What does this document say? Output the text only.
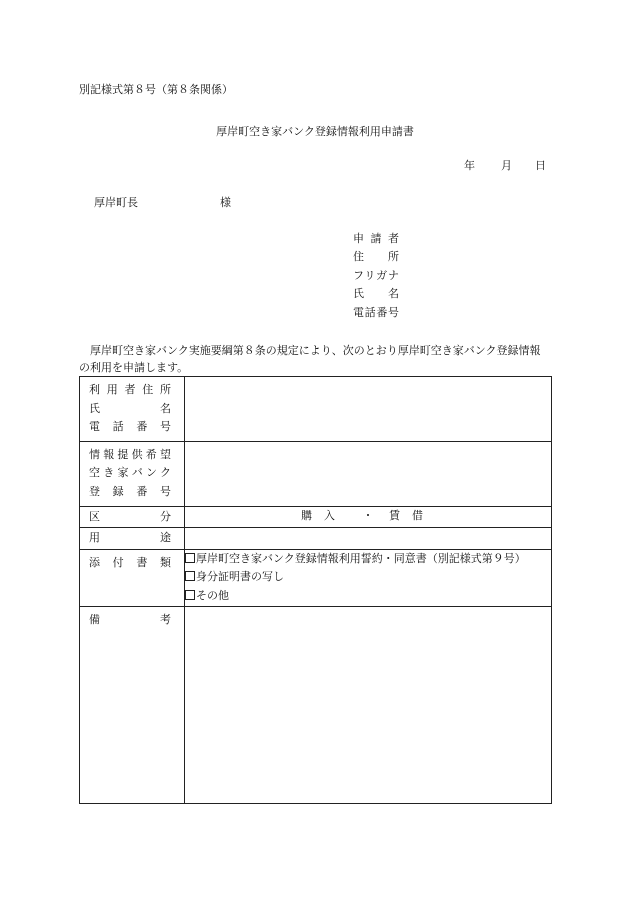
別記様式第８号（第８条関係）
厚岸町空き家バンク登録情報利用申請書
年 月 日
厚岸町長	様
申請者
住所
フリガナ
氏名
電話番号

厚岸町空き家バンク実施要綱第８条の規定により、次のとおり厚岸町空き家バンク登録情報の利用を申請します。

利用者住所
氏名
電話番号	

情報提供希望
空き家バンク
登録番号	

区分	購入 ・ 賃借

用途	

添付書類	厚岸町空き家バンク登録情報利用誓約・同意書（別記様式第９号）
身分証明書の写し
その他

備考	
